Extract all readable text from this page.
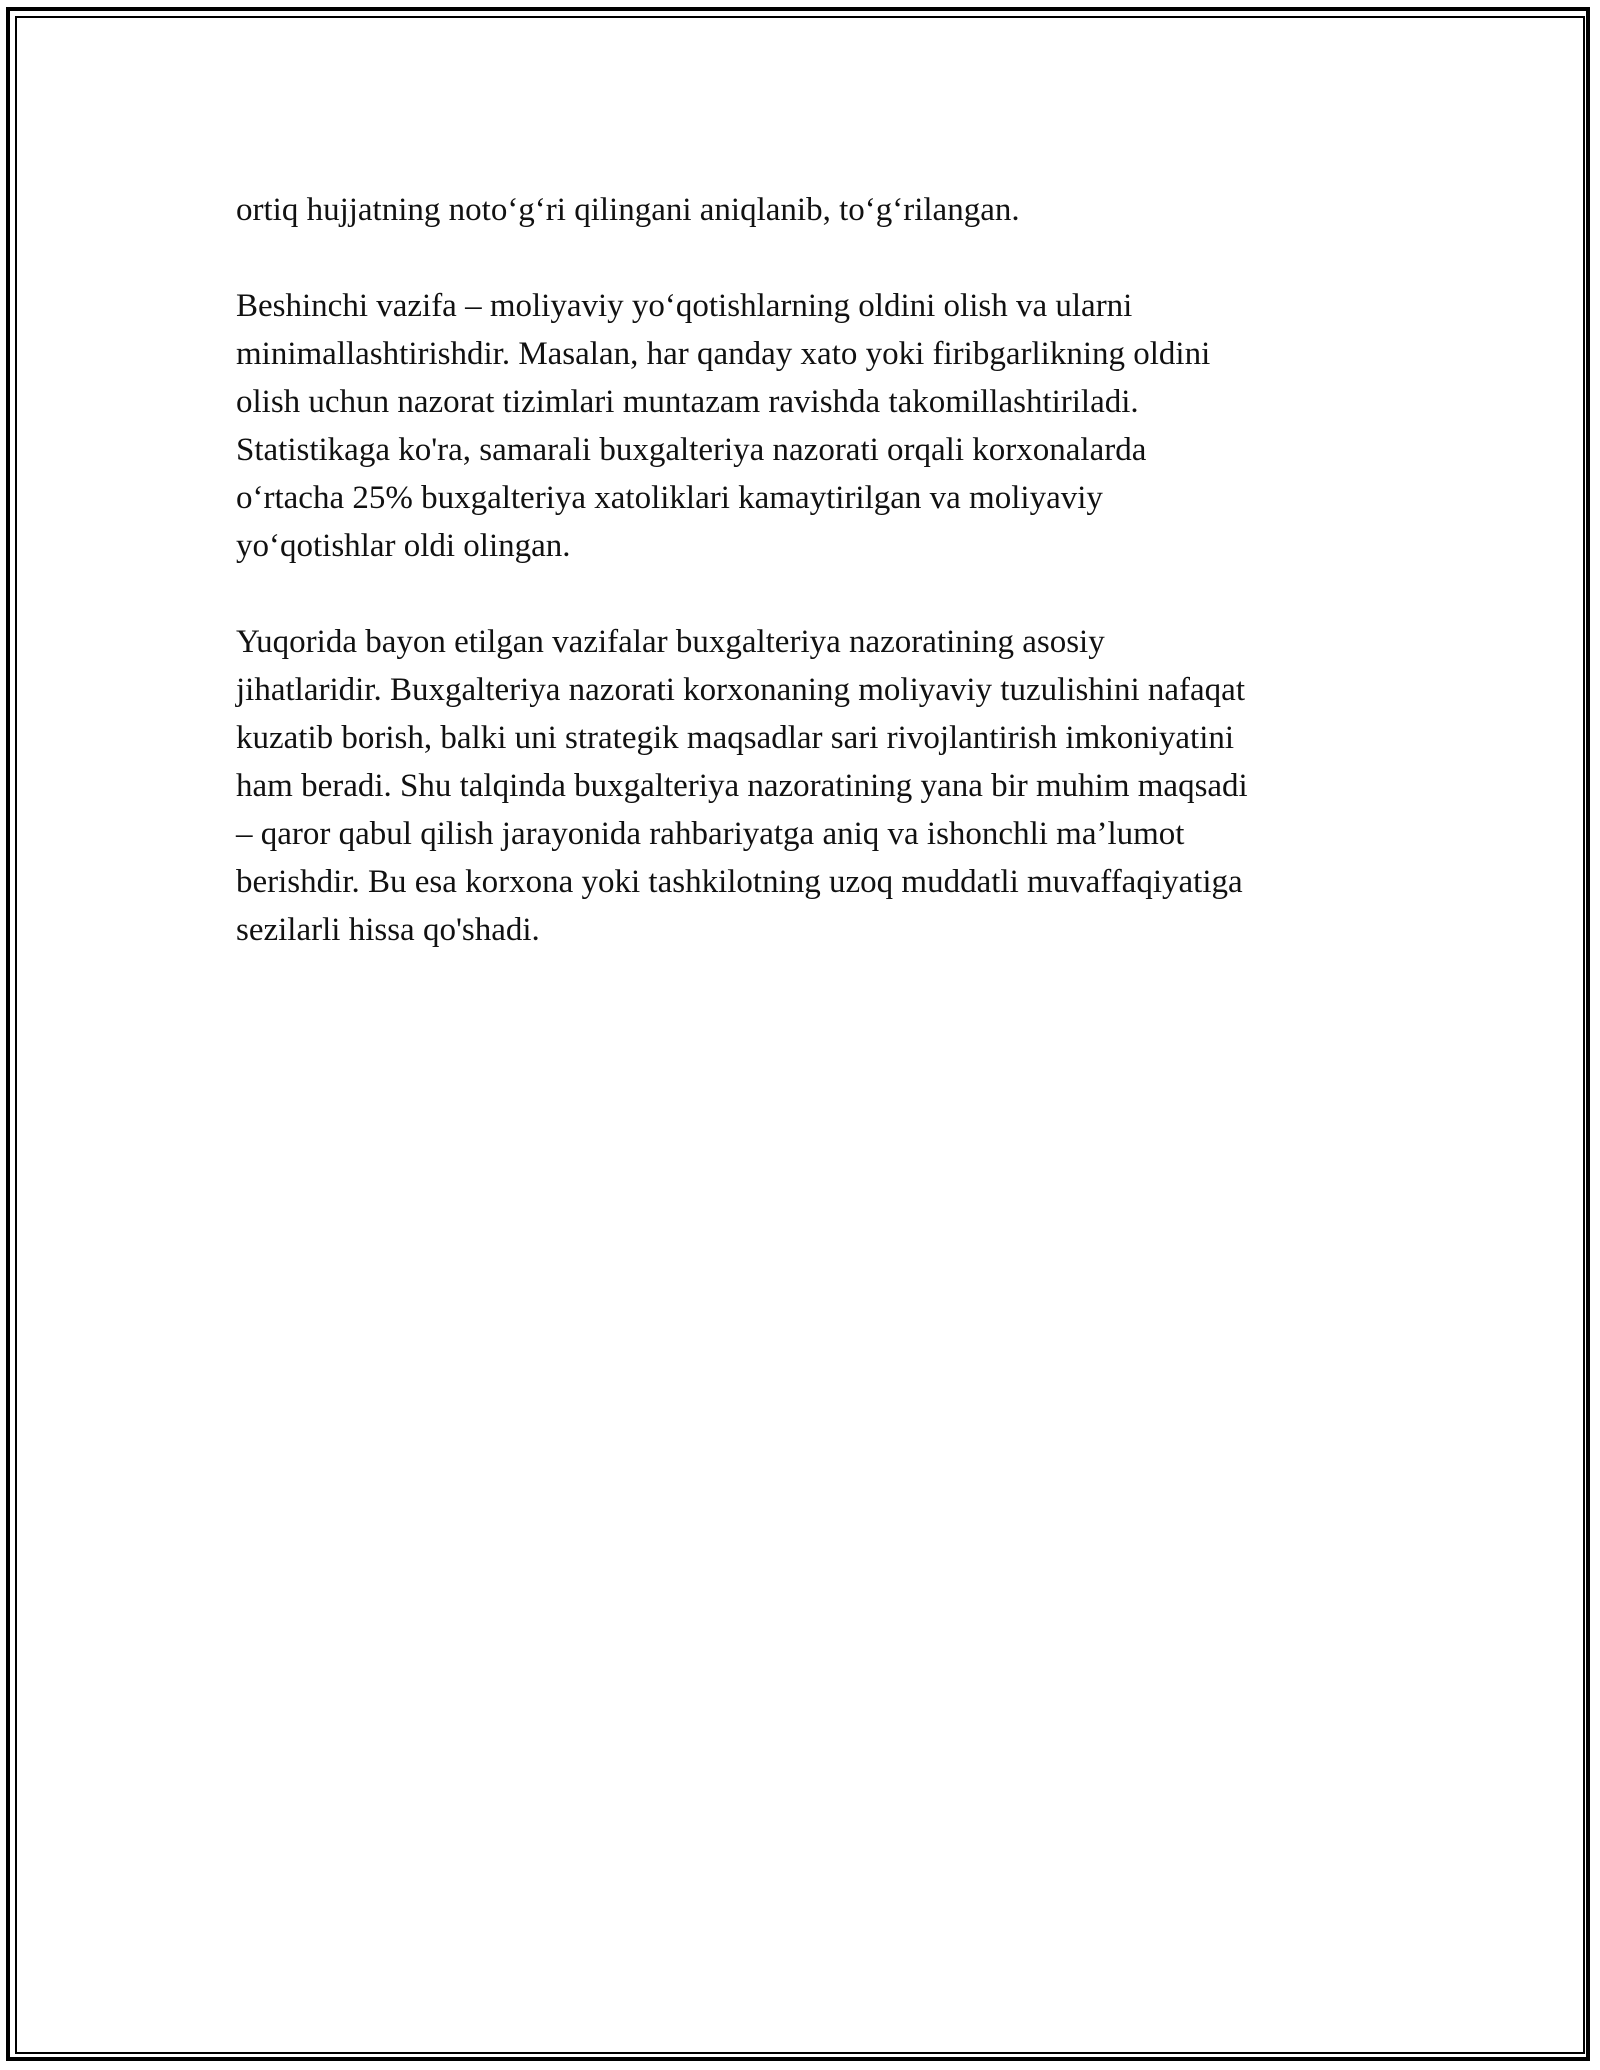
ortiq hujjatning noto‘g‘ri qilingani aniqlanib, to‘g‘rilangan.

Beshinchi vazifa – moliyaviy yo‘qotishlarning oldini olish va ularni
minimallashtirishdir. Masalan, har qanday xato yoki firibgarlikning oldini
olish uchun nazorat tizimlari muntazam ravishda takomillashtiriladi.
Statistikaga ko'ra, samarali buxgalteriya nazorati orqali korxonalarda
o‘rtacha 25% buxgalteriya xatoliklari kamaytirilgan va moliyaviy
yo‘qotishlar oldi olingan.

Yuqorida bayon etilgan vazifalar buxgalteriya nazoratining asosiy
jihatlaridir. Buxgalteriya nazorati korxonaning moliyaviy tuzulishini nafaqat
kuzatib borish, balki uni strategik maqsadlar sari rivojlantirish imkoniyatini
ham beradi. Shu talqinda buxgalteriya nazoratining yana bir muhim maqsadi
– qaror qabul qilish jarayonida rahbariyatga aniq va ishonchli ma’lumot
berishdir. Bu esa korxona yoki tashkilotning uzoq muddatli muvaffaqiyatiga
sezilarli hissa qo'shadi.
